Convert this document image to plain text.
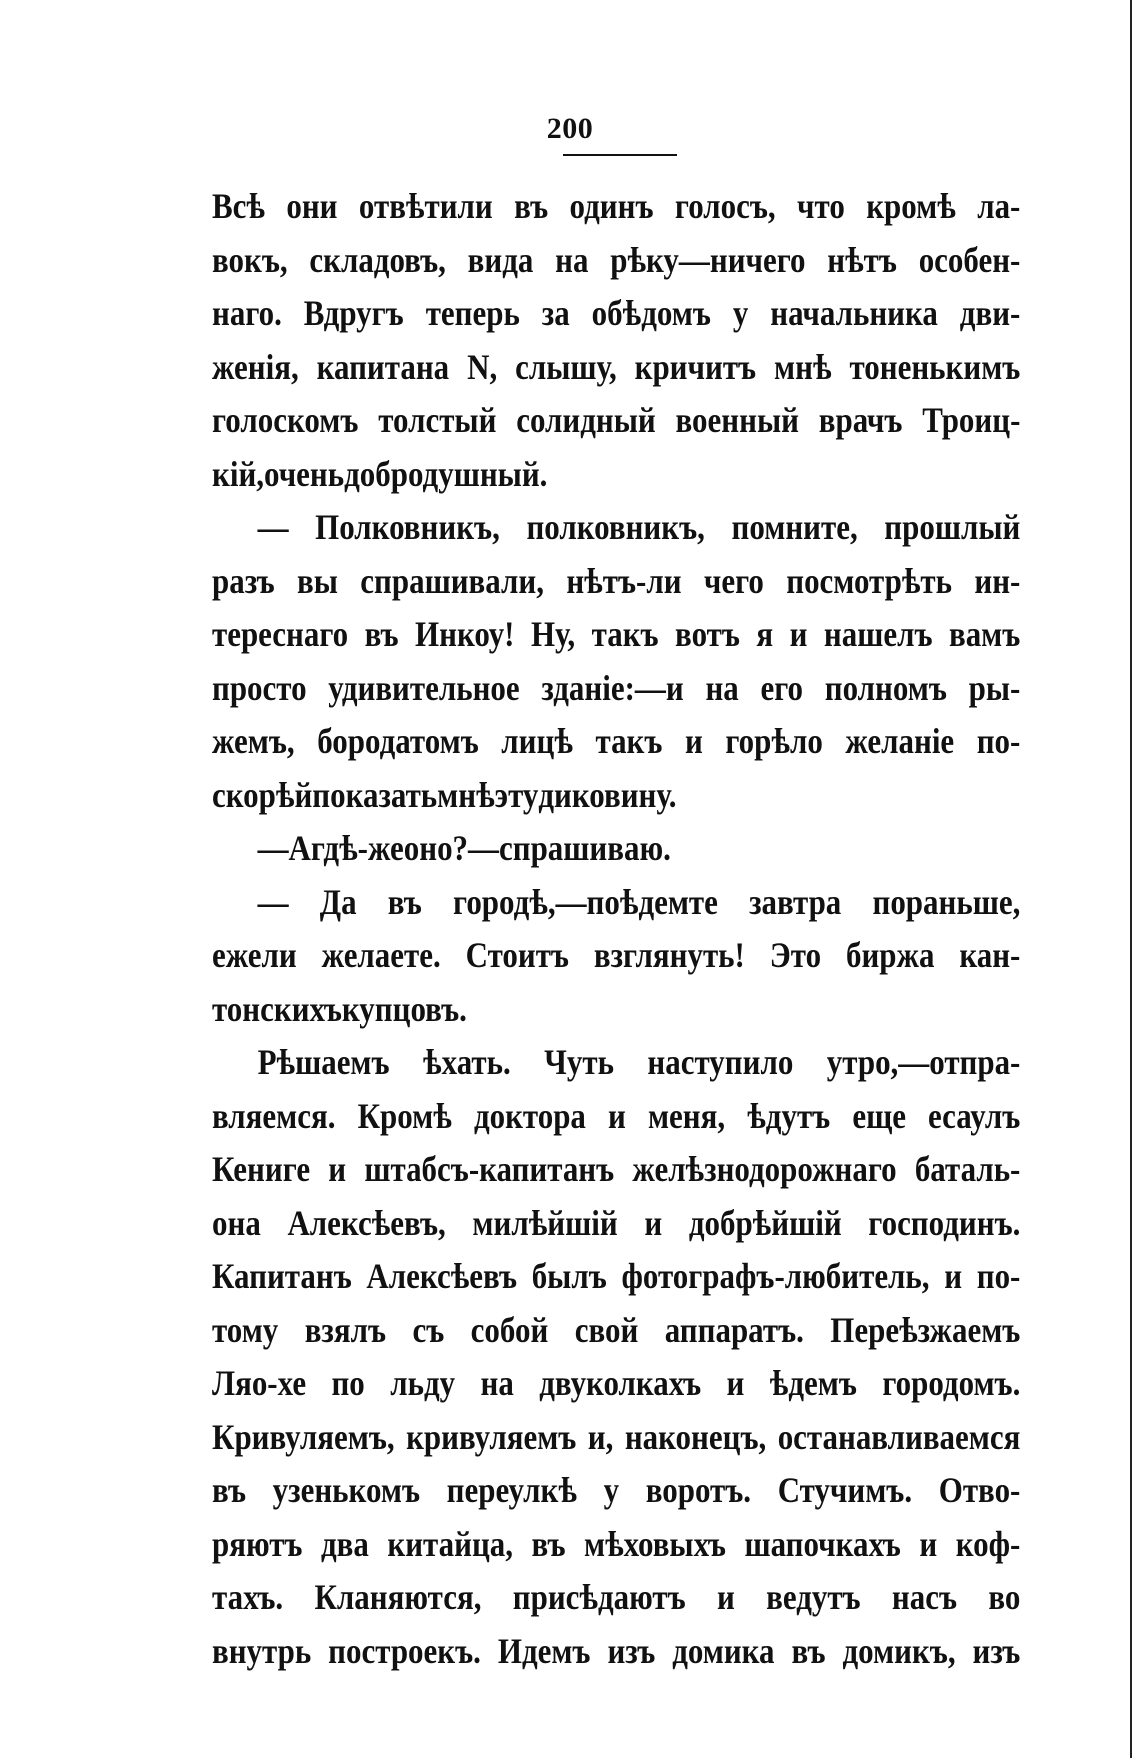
200
Всѣ они отвѣтили въ одинъ голосъ, что кромѣ ла-
вокъ, складовъ, вида на рѣку—ничего нѣтъ особен-
наго. Вдругъ теперь за обѣдомъ у начальника дви-
женія, капитана N, слышу, кричитъ мнѣ тоненькимъ
голоскомъ толстый солидный военный врачъ Троиц-
кій, очень добродушный.
— Полковникъ, полковникъ, помните, прошлый
разъ вы спрашивали, нѣтъ-ли чего посмотрѣть ин-
тереснаго въ Инкоу! Ну, такъ вотъ я и нашелъ вамъ
просто удивительное зданіе:—и на его полномъ ры-
жемъ, бородатомъ лицѣ такъ и горѣло желаніе по-
скорѣй показать мнѣ эту диковину.
— А гдѣ-же оно?—спрашиваю.
— Да въ городѣ,—поѣдемте завтра пораньше,
ежели желаете. Стоитъ взглянуть! Это биржа кан-
тонскихъ купцовъ.
Рѣшаемъ ѣхать. Чуть наступило утро,—отпра-
вляемся. Кромѣ доктора и меня, ѣдутъ еще есаулъ
Кениге и штабсъ-капитанъ желѣзнодорожнаго баталь-
она Алексѣевъ, милѣйшій и добрѣйшій господинъ.
Капитанъ Алексѣевъ былъ фотографъ-любитель, и по-
тому взялъ съ собой свой аппаратъ. Переѣзжаемъ
Ляо-хе по льду на двуколкахъ и ѣдемъ городомъ.
Кривуляемъ, кривуляемъ и, наконецъ, останавливаемся
въ узенькомъ переулкѣ у воротъ. Стучимъ. Отво-
ряютъ два китайца, въ мѣховыхъ шапочкахъ и коф-
тахъ. Кланяются, присѣдаютъ и ведутъ насъ во
внутрь построекъ. Идемъ изъ домика въ домикъ, изъ
